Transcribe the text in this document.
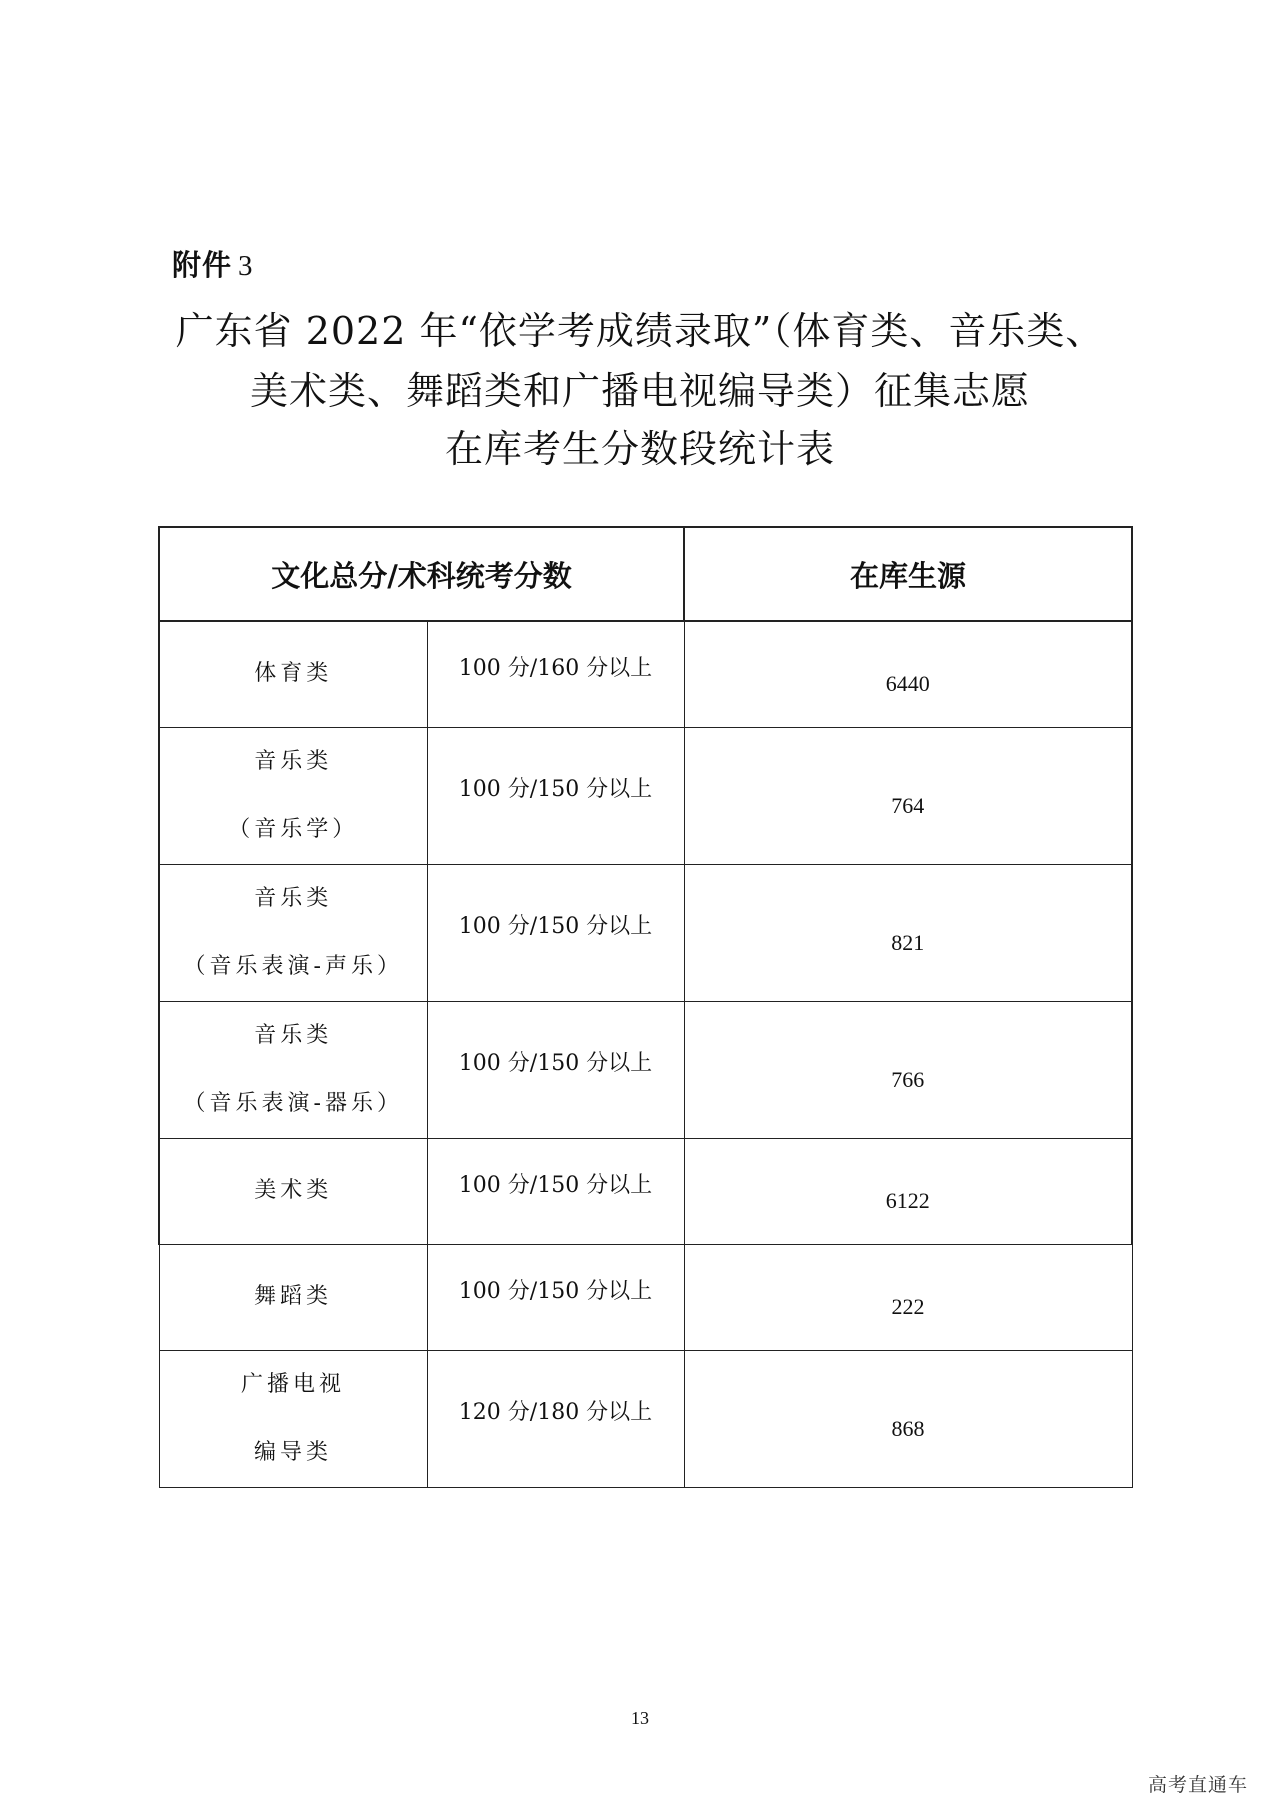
附件 3
广东省 2022 年“依学考成绩录取”（体育类、音乐类、
美术类、舞蹈类和广播电视编导类）征集志愿
在库考生分数段统计表
文化总分/术科统考分数		在库生源

体育类	100 分/160 分以上	6440

音乐类
（音乐学）	100 分/150 分以上	764

音乐类
（音乐表演-声乐）	100 分/150 分以上	821

音乐类
（音乐表演-器乐）	100 分/150 分以上	766

美术类	100 分/150 分以上	6122

舞蹈类	100 分/150 分以上	222

广播电视
编导类	120 分/180 分以上	868
13
高考直通车
